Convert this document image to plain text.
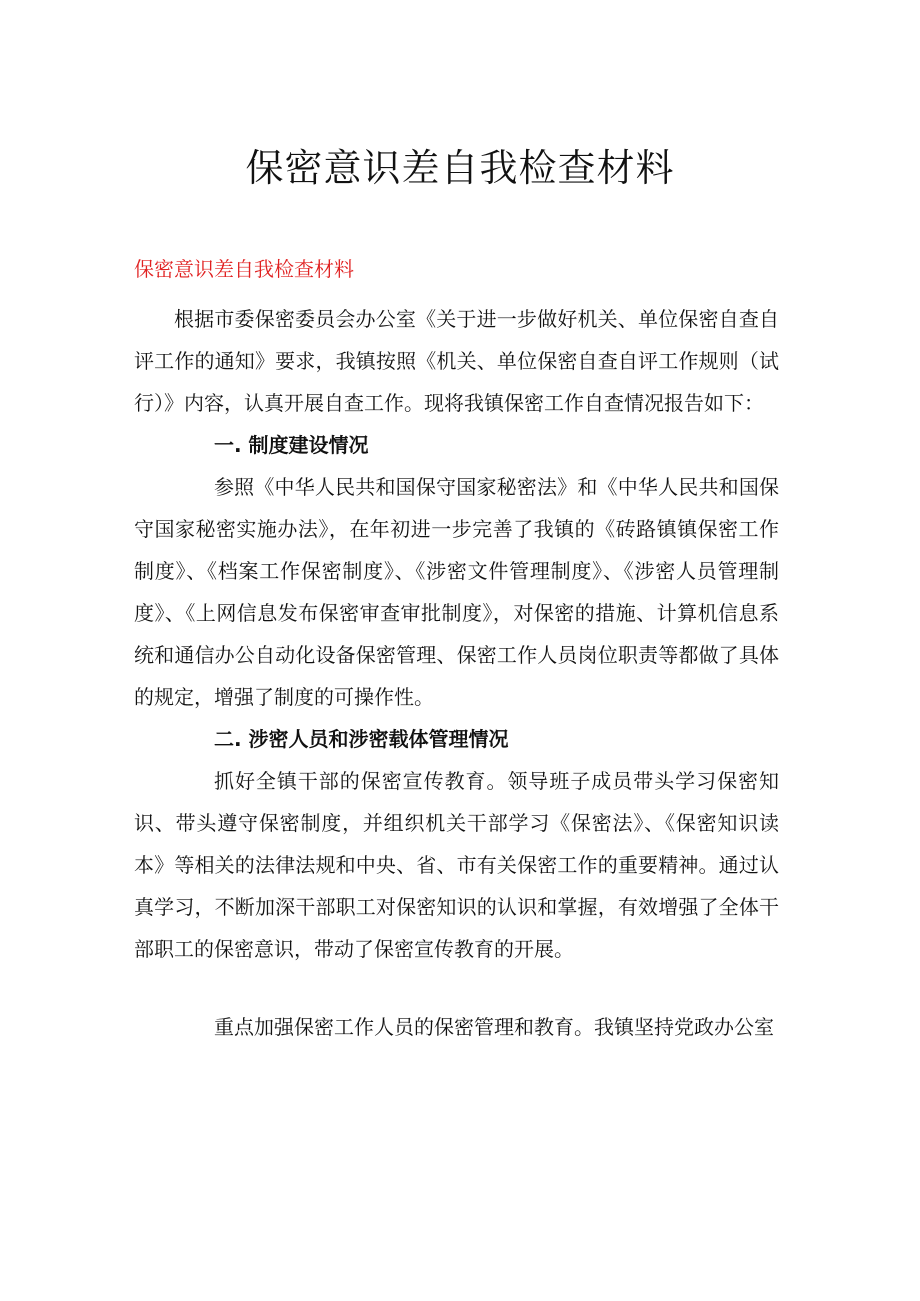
保密意识差自我检查材料
保密意识差自我检查材料

根据市委保密委员会办公室《关于进一步做好机关、单位保密自查自评工作的通知》要求，我镇按照《机关、单位保密自查自评工作规则（试行）》内容，认真开展自查工作。现将我镇保密工作自查情况报告如下：

一. 制度建设情况

参照《中华人民共和国保守国家秘密法》和《中华人民共和国保守国家秘密实施办法》，在年初进一步完善了我镇的《砖路镇镇保密工作制度》、《档案工作保密制度》、《涉密文件管理制度》、《涉密人员管理制度》、《上网信息发布保密审查审批制度》，对保密的措施、计算机信息系统和通信办公自动化设备保密管理、保密工作人员岗位职责等都做了具体的规定，增强了制度的可操作性。

二. 涉密人员和涉密载体管理情况

抓好全镇干部的保密宣传教育。领导班子成员带头学习保密知识、带头遵守保密制度，并组织机关干部学习《保密法》、《保密知识读本》等相关的法律法规和中央、省、市有关保密工作的重要精神。通过认真学习，不断加深干部职工对保密知识的认识和掌握，有效增强了全体干部职工的保密意识，带动了保密宣传教育的开展。

重点加强保密工作人员的保密管理和教育。我镇坚持党政办公室
